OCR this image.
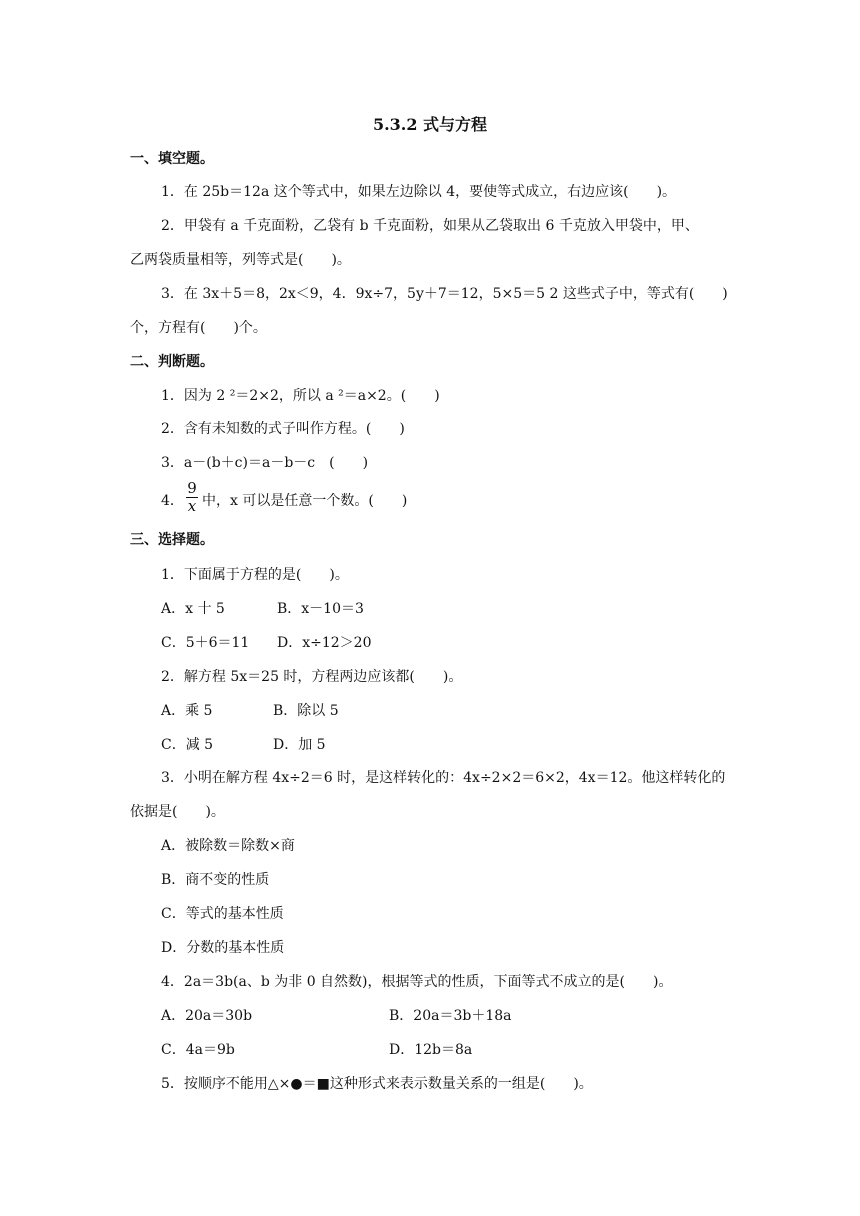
5.3.2 式与方程
一、填空题。
1．在 25b＝12a 这个等式中，如果左边除以 4，要使等式成立，右边应该( )。
2．甲袋有 a 千克面粉，乙袋有 b 千克面粉，如果从乙袋取出 6 千克放入甲袋中，甲、
乙两袋质量相等，列等式是( )。
3．在 3x＋5＝8，2x＜9，4．9x÷7，5y＋7＝12，5×5＝5 2 这些式子中，等式有( )
个，方程有( )个。
二、判断题。
1．因为 2 ²＝2×2，所以 a ²＝a×2。( )
2．含有未知数的式子叫作方程。( )
3．a－(b＋c)＝a－b－c　( )
4． $\frac{9}{x}$ 中，x 可以是任意一个数。( )
三、选择题。
1．下面属于方程的是( )。
A．x 十 5	B．x－10＝3
C．5＋6＝11 D．x÷12＞20
2．解方程 5x＝25 时，方程两边应该都( )。
A．乘 5	B．除以 5
C．减 5	D．加 5
3．小明在解方程 4x÷2＝6 时，是这样转化的：4x÷2×2＝6×2，4x＝12。他这样转化的
依据是( )。
A．被除数＝除数×商
B．商不变的性质
C．等式的基本性质
D．分数的基本性质
4．2a＝3b(a、b 为非 0 自然数)，根据等式的性质，下面等式不成立的是( )。
A．20a＝30b	B．20a＝3b＋18a
C．4a＝9b	D．12b＝8a
5．按顺序不能用△×●＝■这种形式来表示数量关系的一组是( )。
